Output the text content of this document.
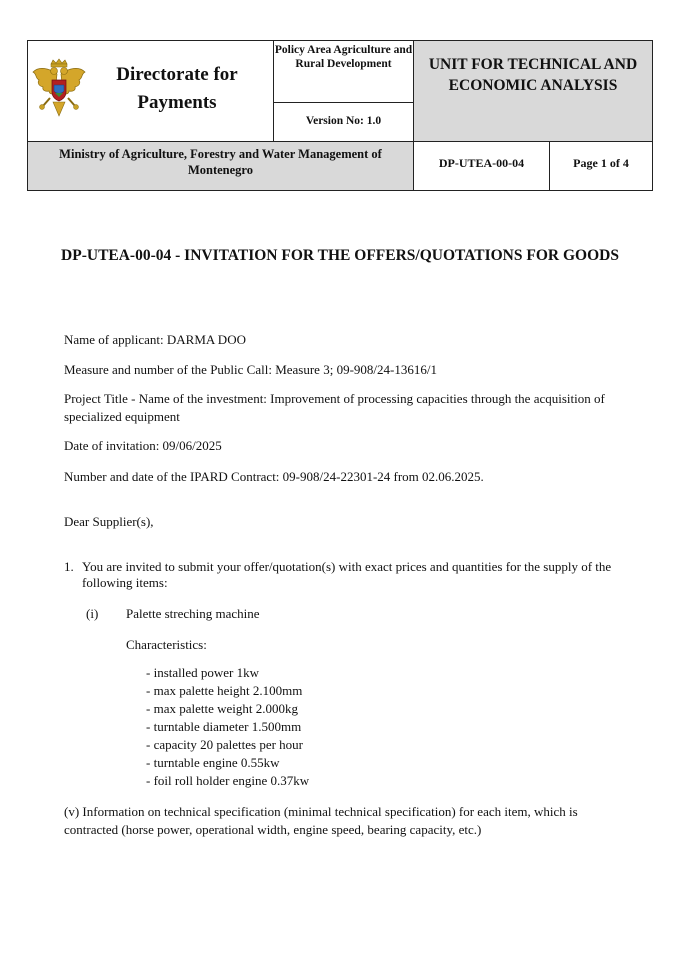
Directorate for Payments
Policy Area Agriculture and Rural Development
Version No: 1.0
UNIT FOR TECHNICAL AND ECONOMIC ANALYSIS
Ministry of Agriculture, Forestry and Water Management of Montenegro	DP-UTEA-00-04	Page 1 of 4
DP-UTEA-00-04 - INVITATION FOR THE OFFERS/QUOTATIONS FOR GOODS
Name of applicant: DARMA DOO
Measure and number of the Public Call: Measure 3; 09-908/24-13616/1
Project Title - Name of the investment: Improvement of processing capacities through the acquisition of specialized equipment
Date of invitation: 09/06/2025
Number and date of the IPARD Contract: 09-908/24-22301-24 from 02.06.2025.
Dear Supplier(s),
1. You are invited to submit your offer/quotation(s) with exact prices and quantities for the supply of the following items:
(i) Palette streching machine
Characteristics:
- installed power 1kw
- max palette height 2.100mm
- max palette weight 2.000kg
- turntable diameter 1.500mm
- capacity 20 palettes per hour
- turntable engine 0.55kw
- foil roll holder engine 0.37kw
(v) Information on technical specification (minimal technical specification) for each item, which is contracted (horse power, operational width, engine speed, bearing capacity, etc.)
